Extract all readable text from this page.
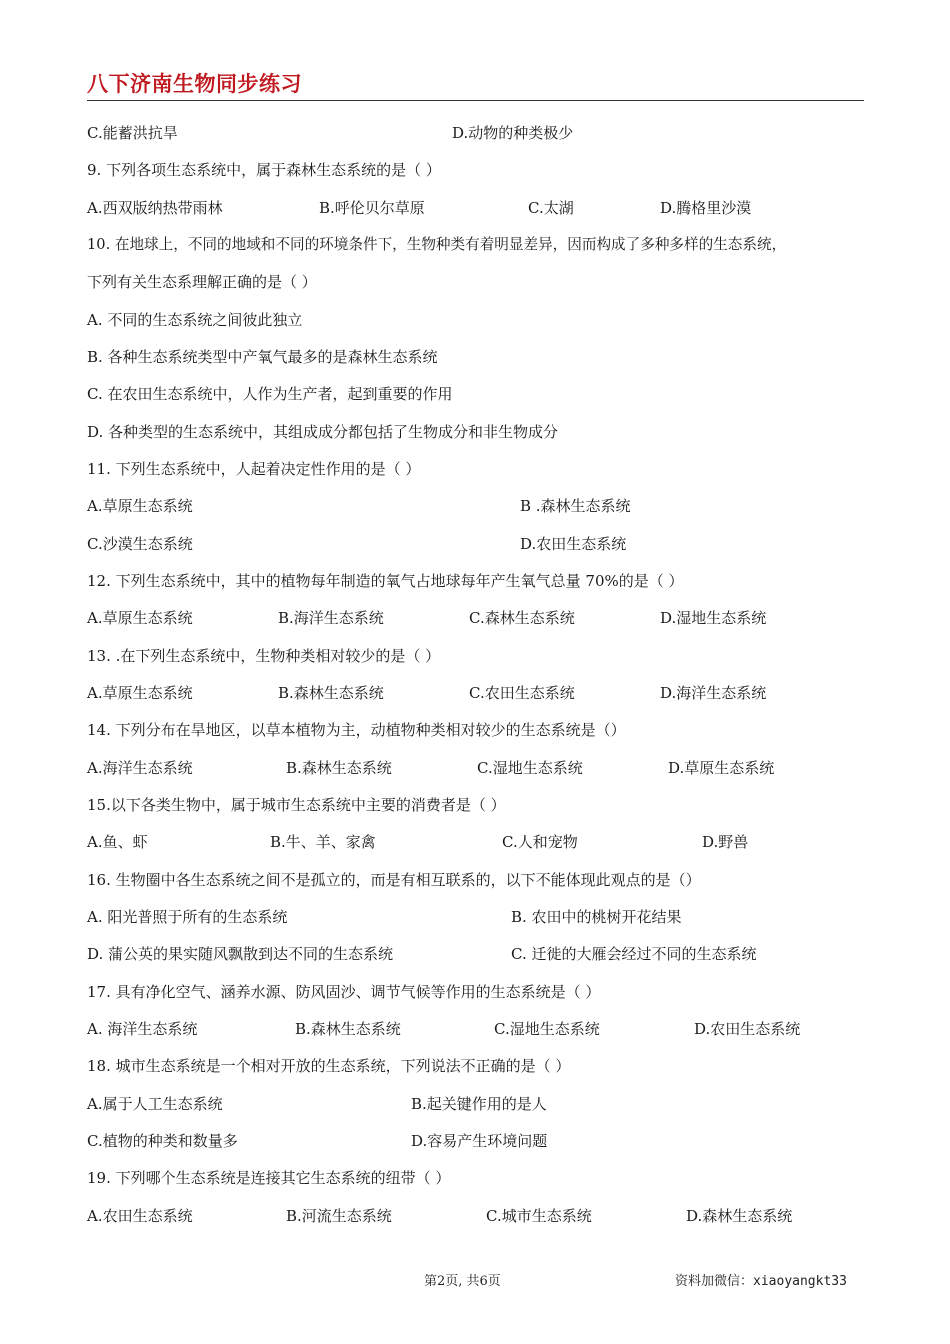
八下济南生物同步练习
C.能蓄洪抗旱	D.动物的种类极少
9. 下列各项生态系统中，属于森林生态系统的是（ ）
A.西双版纳热带雨林	B.呼伦贝尔草原	C.太湖	D.腾格里沙漠
10. 在地球上，不同的地域和不同的环境条件下，生物种类有着明显差异，因而构成了多种多样的生态系统，
下列有关生态系理解正确的是（ ）
A. 不同的生态系统之间彼此独立
B. 各种生态系统类型中产氧气最多的是森林生态系统
C. 在农田生态系统中，人作为生产者，起到重要的作用
D. 各种类型的生态系统中，其组成成分都包括了生物成分和非生物成分
11. 下列生态系统中，人起着决定性作用的是（ ）
A.草原生态系统	B .森林生态系统
C.沙漠生态系统	D.农田生态系统
12. 下列生态系统中，其中的植物每年制造的氧气占地球每年产生氧气总量 70%的是（ ）
A.草原生态系统	B.海洋生态系统	C.森林生态系统	D.湿地生态系统
13. .在下列生态系统中，生物种类相对较少的是（ ）
A.草原生态系统	B.森林生态系统	C.农田生态系统	D.海洋生态系统
14. 下列分布在旱地区，以草本植物为主，动植物种类相对较少的生态系统是（）
A.海洋生态系统	B.森林生态系统	C.湿地生态系统	D.草原生态系统
15.以下各类生物中，属于城市生态系统中主要的消费者是（ ）
A.鱼、虾	B.牛、羊、家禽	C.人和宠物	D.野兽
16. 生物圈中各生态系统之间不是孤立的，而是有相互联系的，以下不能体现此观点的是（）
A. 阳光普照于所有的生态系统	B. 农田中的桃树开花结果
D. 蒲公英的果实随风飘散到达不同的生态系统	C. 迁徙的大雁会经过不同的生态系统
17. 具有净化空气、涵养水源、防风固沙、调节气候等作用的生态系统是（ ）
A. 海洋生态系统	B.森林生态系统	C.湿地生态系统	D.农田生态系统
18. 城市生态系统是一个相对开放的生态系统，下列说法不正确的是（ ）
A.属于人工生态系统	B.起关键作用的是人
C.植物的种类和数量多	D.容易产生环境问题
19. 下列哪个生态系统是连接其它生态系统的纽带（ ）
A.农田生态系统	B.河流生态系统	C.城市生态系统	D.森林生态系统
第2页, 共6页	资料加微信：xiaoyangkt33
